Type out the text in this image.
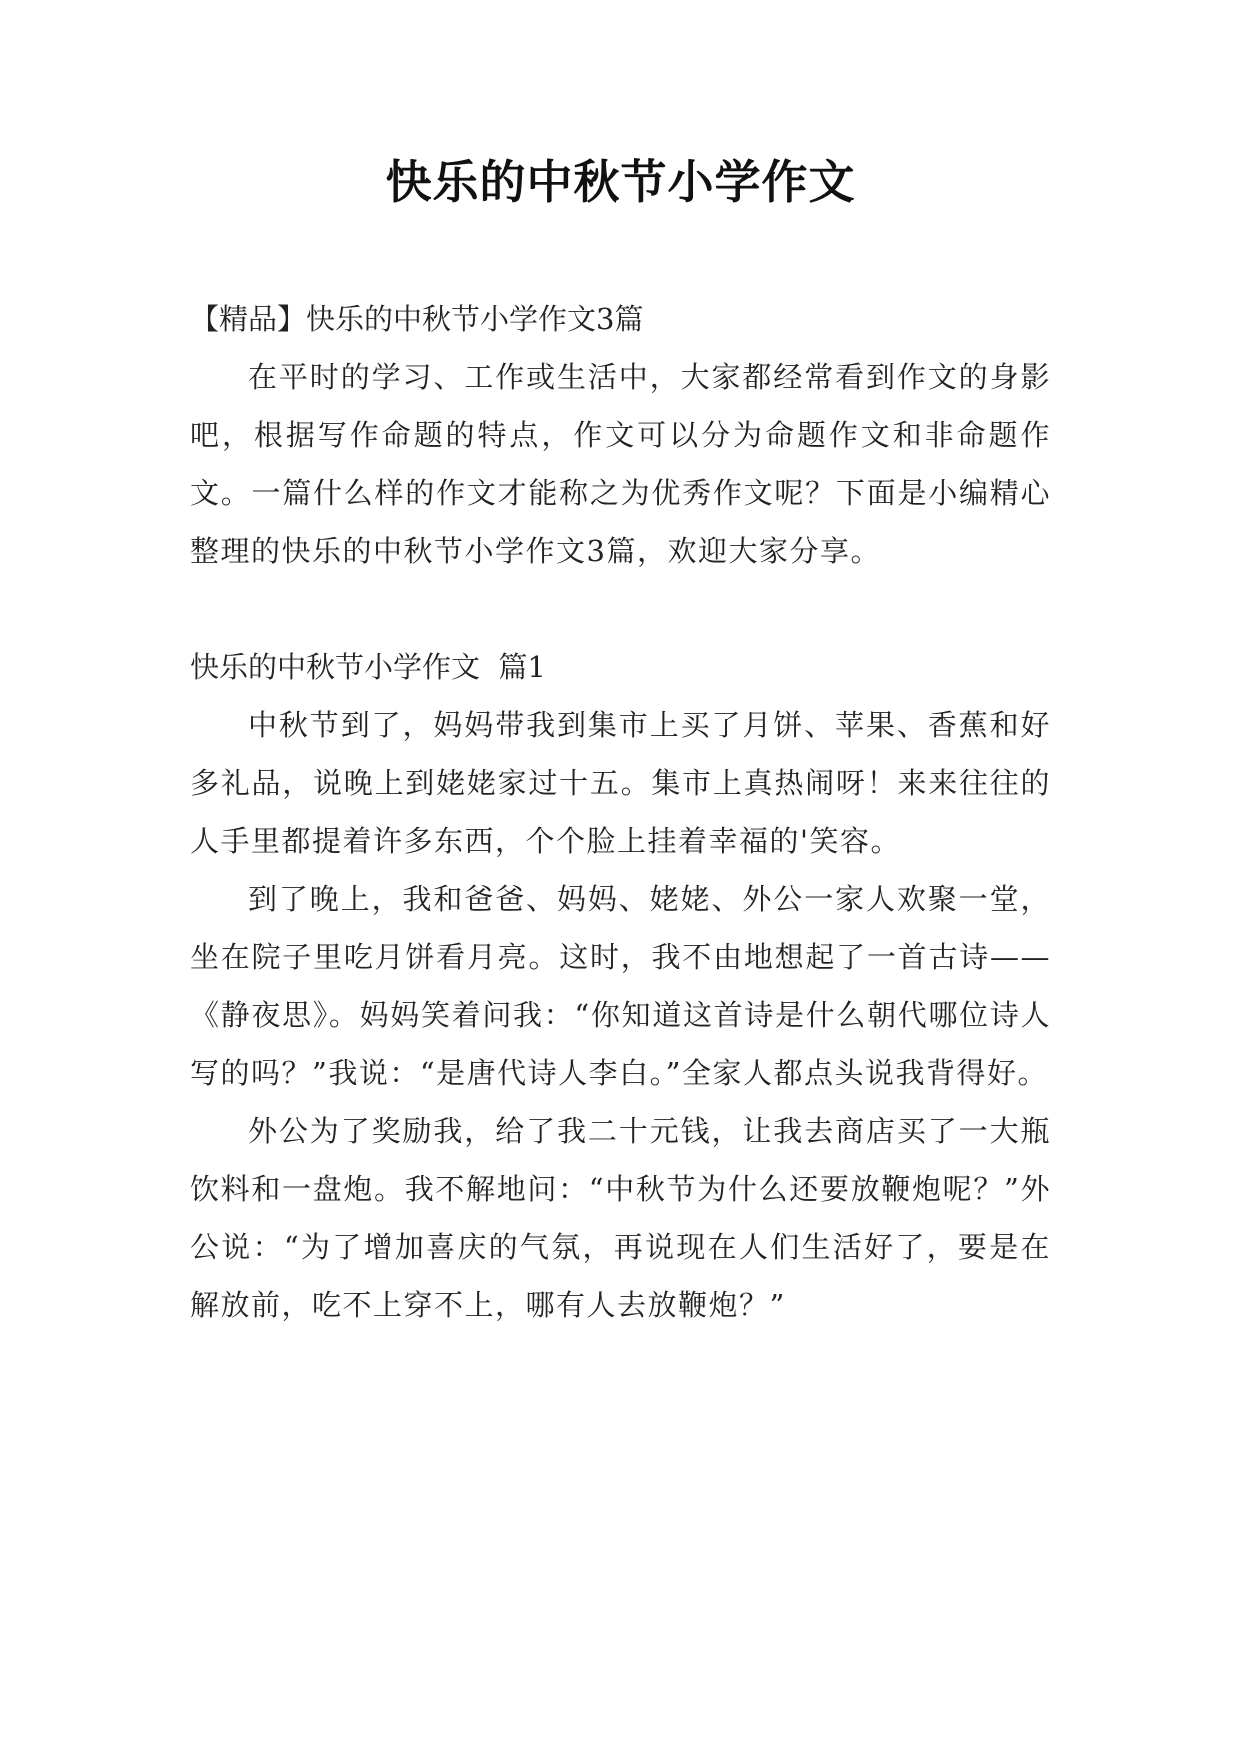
快乐的中秋节小学作文

【精品】快乐的中秋节小学作文3篇

在平时的学习、工作或生活中，大家都经常看到作文的身影吧，根据写作命题的特点，作文可以分为命题作文和非命题作文。一篇什么样的作文才能称之为优秀作文呢？下面是小编精心整理的快乐的中秋节小学作文3篇，欢迎大家分享。

快乐的中秋节小学作文  篇1

中秋节到了，妈妈带我到集市上买了月饼、苹果、香蕉和好多礼品，说晚上到姥姥家过十五。集市上真热闹呀！来来往往的人手里都提着许多东西，个个脸上挂着幸福的'笑容。

到了晚上，我和爸爸、妈妈、姥姥、外公一家人欢聚一堂，坐在院子里吃月饼看月亮。这时，我不由地想起了一首古诗——《静夜思》。妈妈笑着问我：“你知道这首诗是什么朝代哪位诗人写的吗？”我说：“是唐代诗人李白。”全家人都点头说我背得好。

外公为了奖励我，给了我二十元钱，让我去商店买了一大瓶饮料和一盘炮。我不解地问：“中秋节为什么还要放鞭炮呢？”外公说：“为了增加喜庆的气氛，再说现在人们生活好了，要是在解放前，吃不上穿不上，哪有人去放鞭炮？”
